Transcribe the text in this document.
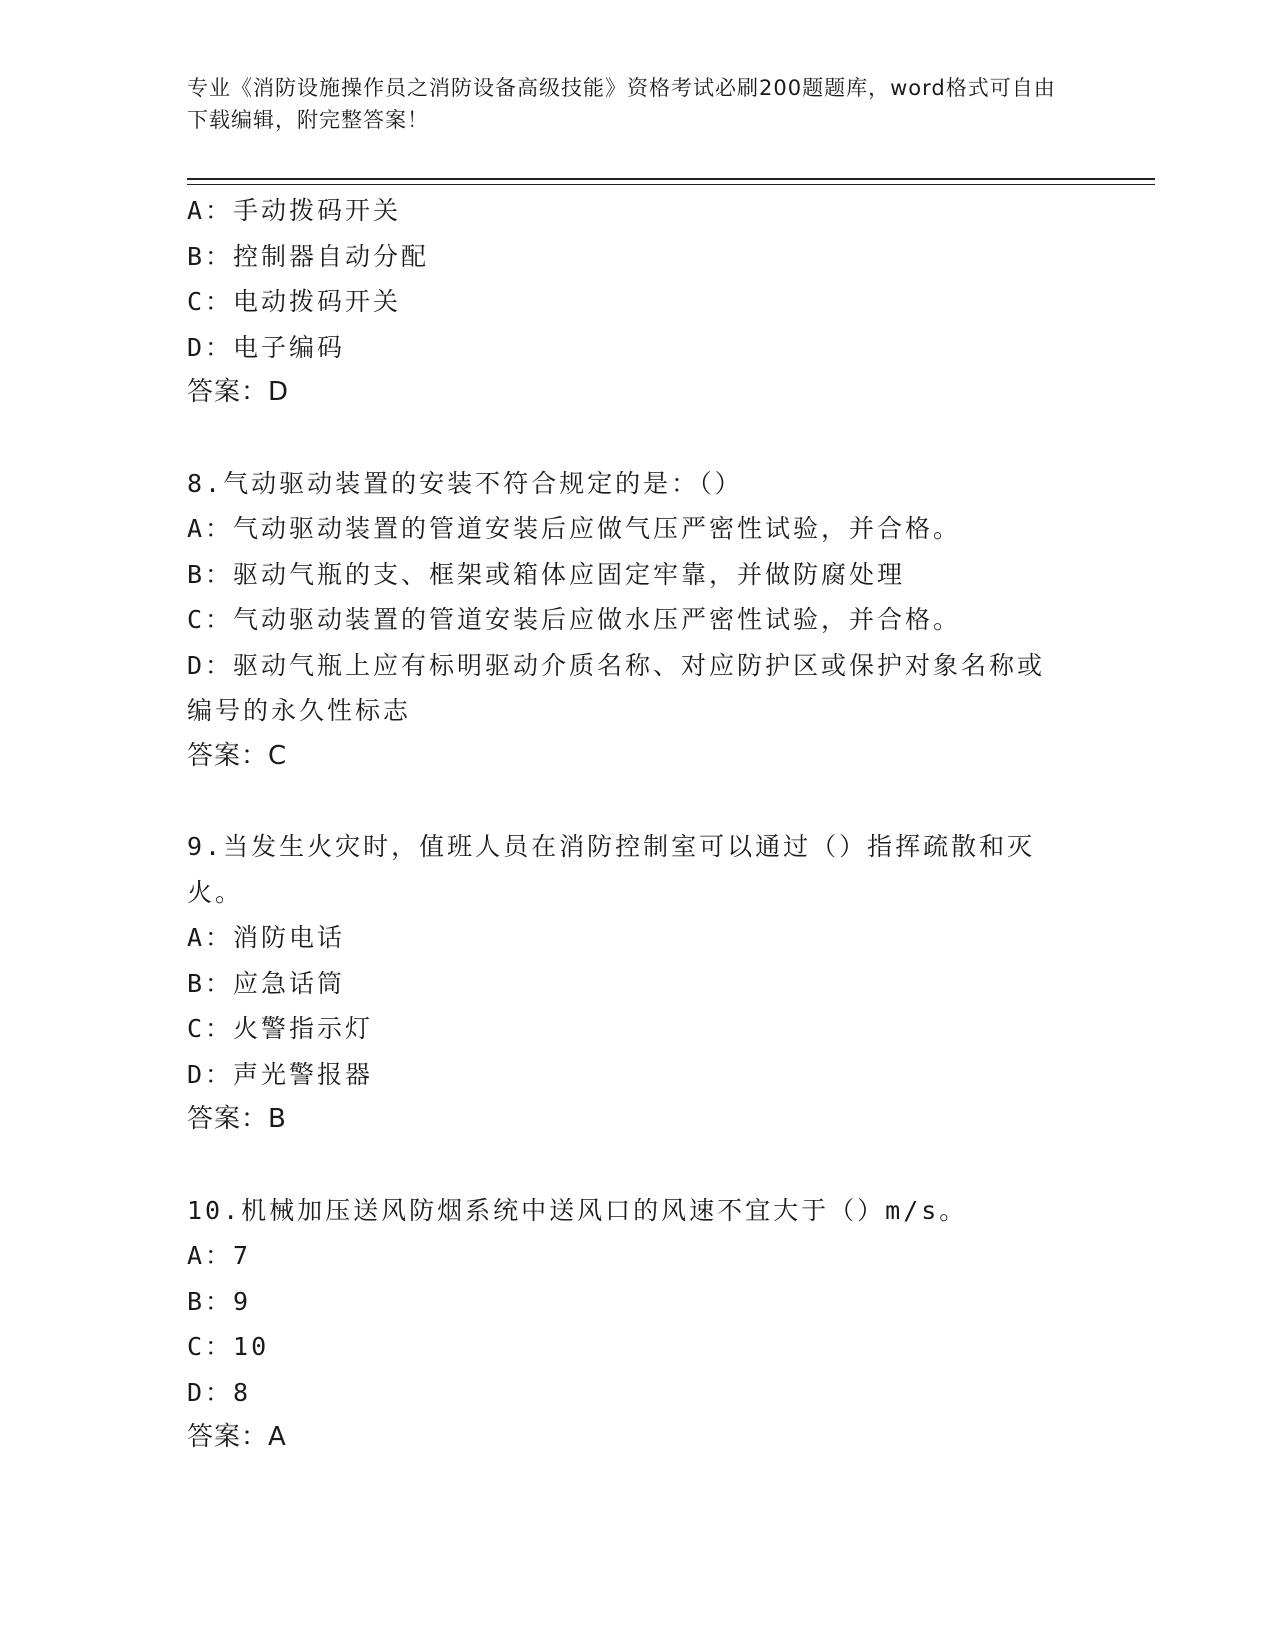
专业《消防设施操作员之消防设备高级技能》资格考试必刷200题题库，word格式可自由下载编辑，附完整答案！
A：手动拨码开关
B：控制器自动分配
C：电动拨码开关
D：电子编码
答案：D
8.气动驱动装置的安装不符合规定的是：（）
A：气动驱动装置的管道安装后应做气压严密性试验，并合格。
B：驱动气瓶的支、框架或箱体应固定牢靠，并做防腐处理
C：气动驱动装置的管道安装后应做水压严密性试验，并合格。
D：驱动气瓶上应有标明驱动介质名称、对应防护区或保护对象名称或编号的永久性标志
答案：C
9.当发生火灾时，值班人员在消防控制室可以通过（）指挥疏散和灭火。
A：消防电话
B：应急话筒
C：火警指示灯
D：声光警报器
答案：B
10.机械加压送风防烟系统中送风口的风速不宜大于（）m/s。
A：7
B：9
C：10
D：8
答案：A
